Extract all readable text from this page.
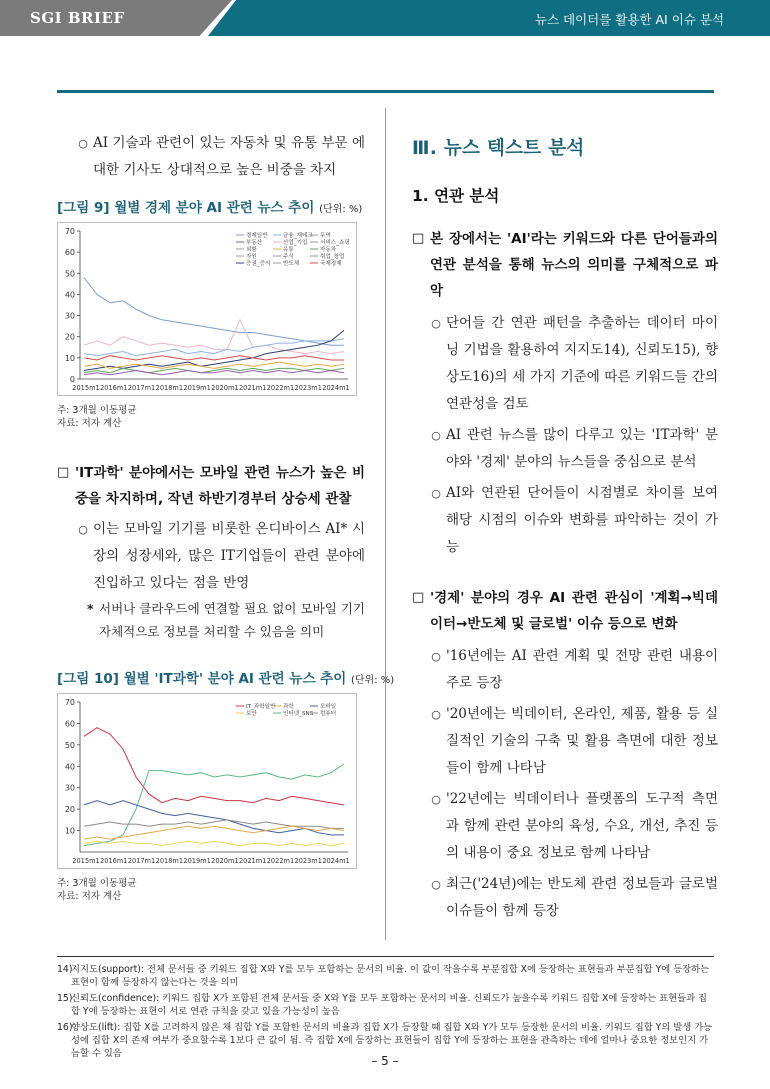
SGI BRIEF	뉴스 데이터를 활용한 AI 이슈 분석
○ AI 기술과 관련이 있는 자동차 및 유통 부문 에 대한 기사도 상대적으로 높은 비중을 차지
[그림 9] 월별 경제 분야 AI 관련 뉴스 추이 (단위: %)
0
10
20
30
40
50
60
70
2015m1 2016m1 2017m1 2018m1 2019m1 2020m1 2021m1 2022m1 2023m1 2024m1
경제일반	금융_재테크 무역
부동산	산업_기업 서비스_쇼핑
외환	유통	자동차
자원	주식	취업_창업
증권_증시 반도체	국제경제
주: 3개월 이동평균
자료: 저자 계산
□ 'IT과학' 분야에서는 모바일 관련 뉴스가 높은 비중을 차지하며, 작년 하반기경부터 상승세 관찰
○ 이는 모바일 기기를 비롯한 온디바이스 AI* 시장의 성장세와, 많은 IT기업들이 관련 분야에 진입하고 있다는 점을 반영
* 서버나 클라우드에 연결할 필요 없이 모바일 기기 자체적으로 정보를 처리할 수 있음을 의미
[그림 10] 월별 'IT과학' 분야 AI 관련 뉴스 추이 (단위: %)
10
20
30
40
50
60
70
2015m1 2016m1 2017m1 2018m1 2019m1 2020m1 2021m1 2022m1 2023m1 2024m1
IT_과학일반 과학	모바일
보안	인터넷_SNS 컴퓨터
주: 3개월 이동평균
자료: 저자 계산
Ⅲ. 뉴스 텍스트 분석
1. 연관 분석
□ 본 장에서는 'AI'라는 키워드와 다른 단어들과의 연관 분석을 통해 뉴스의 의미를 구체적으로 파악
○ 단어들 간 연관 패턴을 추출하는 데이터 마이닝 기법을 활용하여 지지도14), 신뢰도15), 향상도16)의 세 가지 기준에 따른 키워드들 간의 연관성을 검토
○ AI 관련 뉴스를 많이 다루고 있는 'IT과학' 분야와 '경제' 분야의 뉴스들을 중심으로 분석
○ AI와 연관된 단어들이 시점별로 차이를 보여 해당 시점의 이슈와 변화를 파악하는 것이 가능
□ '경제' 분야의 경우 AI 관련 관심이 '계획→빅데이터→반도체 및 글로벌' 이슈 등으로 변화
○ '16년에는 AI 관련 계획 및 전망 관련 내용이 주로 등장
○ '20년에는 빅데이터, 온라인, 제품, 활용 등 실질적인 기술의 구축 및 활용 측면에 대한 정보들이 함께 나타남
○ '22년에는 빅데이터나 플랫폼의 도구적 측면과 함께 관련 분야의 육성, 수요, 개선, 추진 등의 내용이 중요 정보로 함께 나타남
○ 최근('24년)에는 반도체 관련 정보들과 글로벌 이슈들이 함께 등장
14)
지지도(support): 전체 문서들 중 키워드 집합 X와 Y를 모두 포함하는 문서의 비율. 이 값이 작을수록 부분집합 X에 등장하는 표현들과 부분집합 Y에 등장하는 표현이 함께 등장하지 않는다는 것을 의미
15)
신뢰도(confidence): 키워드 집합 X가 포함된 전체 문서들 중 X와 Y를 모두 포함하는 문서의 비율. 신뢰도가 높을수록 키워드 집합 X에 등장하는 표현들과 집합 Y에 등장하는 표현이 서로 연관 규칙을 갖고 있을 가능성이 높음
16)
향상도(lift): 집합 X를 고려하지 않은 채 집합 Y를 포함한 문서의 비율과 집합 X가 등장할 때 집합 X와 Y가 모두 등장한 문서의 비율. 키워드 집합 Y의 발생 가능성에 집합 X의 존재 여부가 중요할수록 1보다 큰 값이 됨. 즉 집합 X에 등장하는 표현들이 집합 Y에 등장하는 표현을 관측하는 데에 얼마나 중요한 정보인지 가늠할 수 있음
– 5 –
